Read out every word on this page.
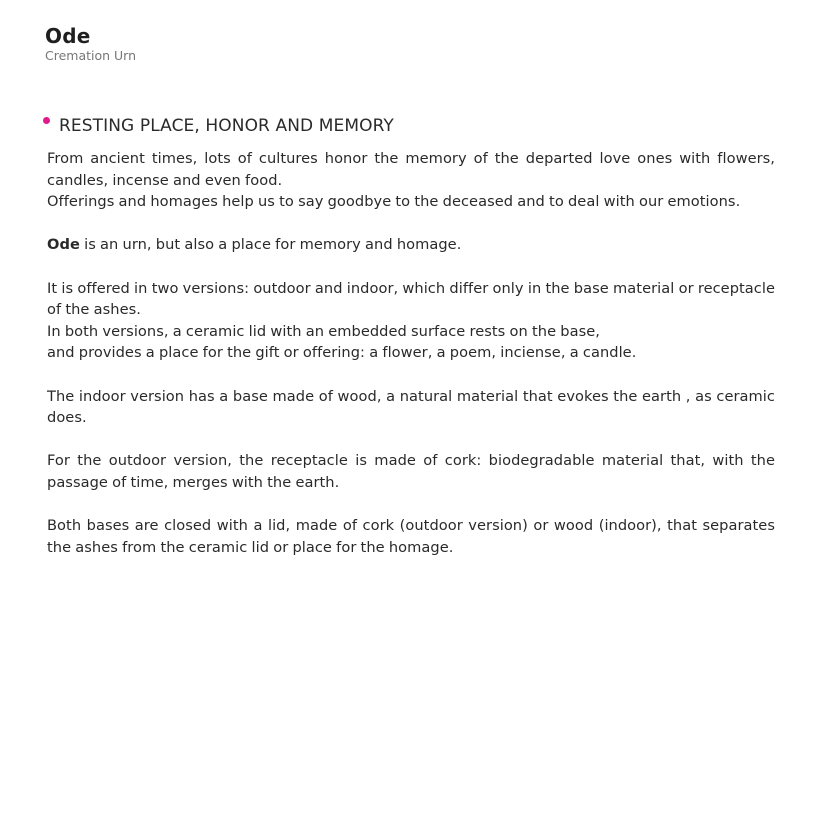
Ode
Cremation Urn
RESTING PLACE, HONOR AND MEMORY

From ancient times, lots of cultures honor the memory of the departed love ones with flowers, candles, incense and even food.

Offerings and homages help us to say goodbye to the deceased and to deal with our emotions.

Ode is an urn, but also a place for memory and homage.

It is offered in two versions: outdoor and indoor, which differ only in the base material or receptacle of the ashes.

In both versions, a ceramic lid with an embedded surface rests on the base,

and provides a place for the gift or offering: a flower, a poem, inciense, a candle.

The indoor version has a base made of wood, a natural material that evokes the earth , as ceramic does.

For the outdoor version, the receptacle is made of cork: biodegradable material that, with the passage of time, merges with the earth.

Both bases are closed with a lid, made of cork (outdoor version) or wood (indoor), that separates the ashes from the ceramic lid or place for the homage.
